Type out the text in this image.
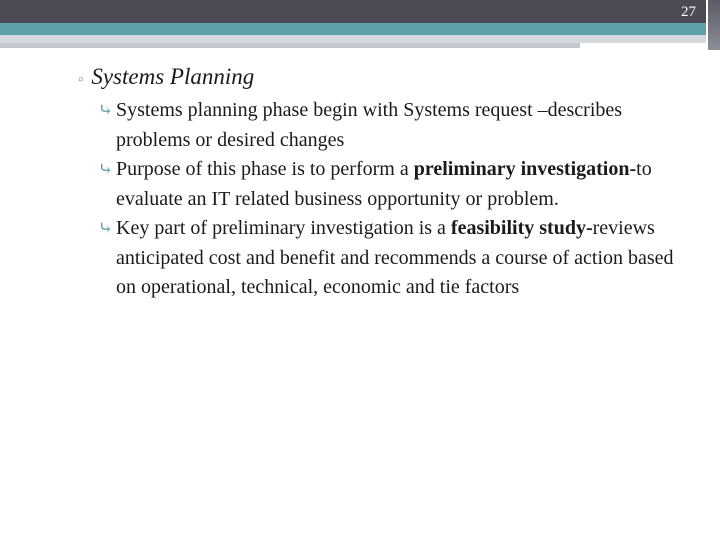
27
▫ Systems Planning
⤷ Systems planning phase begin with Systems request –describes problems or desired changes
⤷ Purpose of this phase is to perform a preliminary investigation-to evaluate an IT related business opportunity or problem.
⤷ Key part of preliminary investigation is a feasibility study-reviews anticipated cost and benefit and recommends a course of action based on operational, technical, economic and tie factors
